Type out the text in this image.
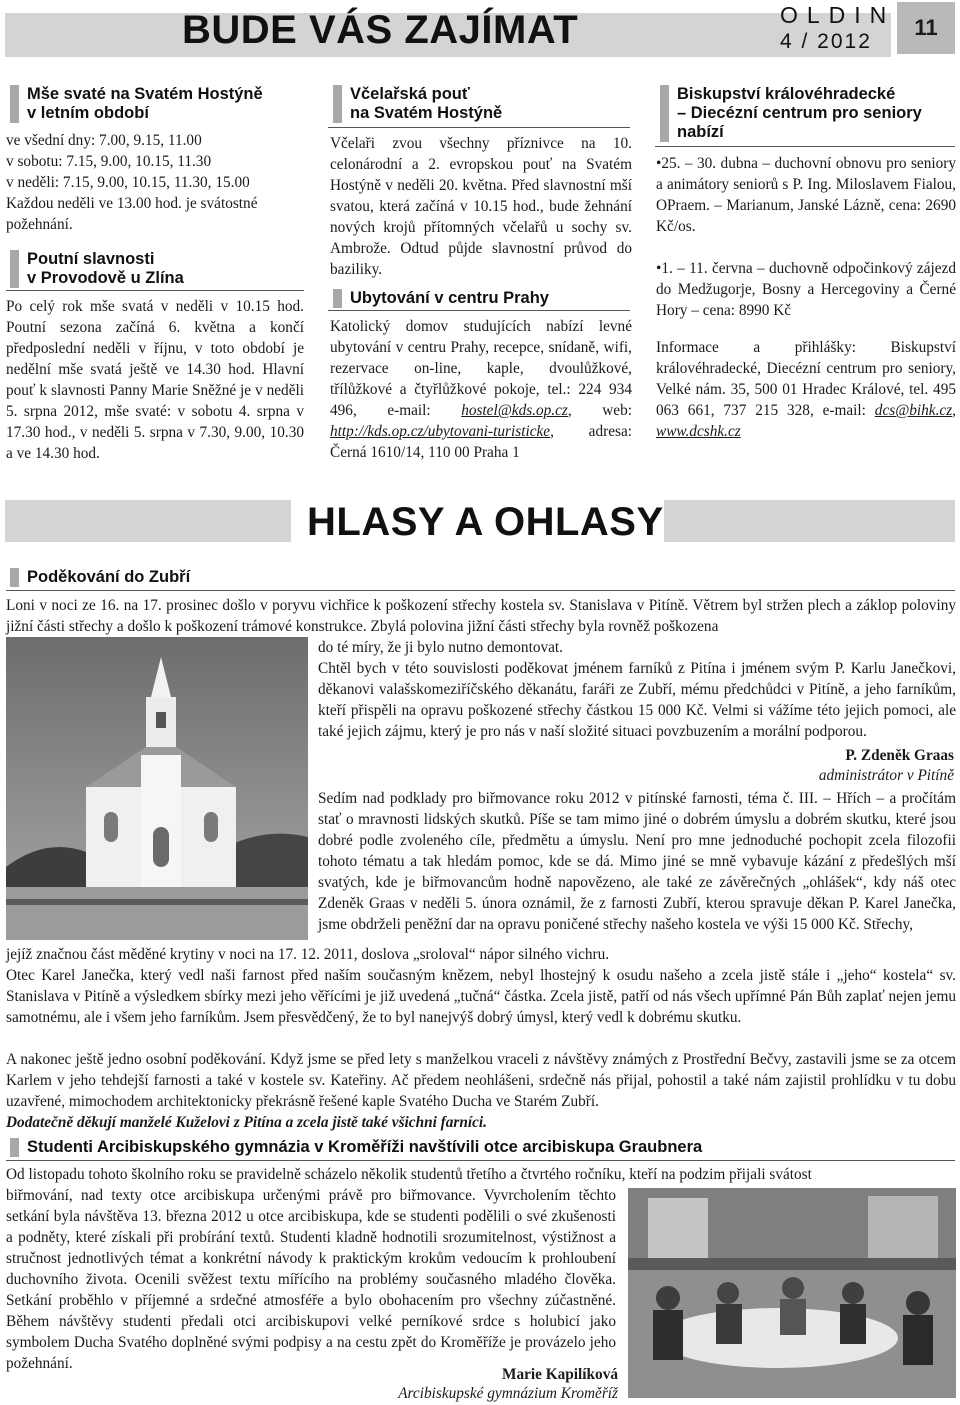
BUDE VÁS ZAJÍMAT	OLDIN
4 / 2012
11
Mše svaté na Svatém Hostýně
v letním období

ve všední dny: 7.00, 9.15, 11.00

v sobotu: 7.15, 9.00, 10.15, 11.30

v neděli: 7.15, 9.00, 10.15, 11.30, 15.00

Každou neděli ve 13.00 hod. je svátostné

požehnání.

Poutní slavnosti
v Provodově u Zlína
Po celý rok mše svatá v neděli v 10.15 hod. Poutní sezona začíná 6. května a končí předposlední neděli v říjnu, v toto období je nedělní mše svatá ještě ve 14.30 hod. Hlavní pouť k slavnosti Panny Marie Sněžné je v neděli 5. srpna 2012, mše svaté: v sobotu 4. srpna v 17.30 hod., v neděli 5. srpna v 7.30, 9.00, 10.30 a ve 14.30 hod.
Včelařská pouť
na Svatém Hostýně
Včelaři zvou všechny příznivce na 10. celonárodní a 2. evropskou pouť na Svatém Hostýně v neděli 20. května. Před slavnostní mší svatou, která začíná v 10.15 hod., bude žehnání nových krojů přítomných včelařů u sochy sv. Ambrože. Odtud půjde slavnostní průvod do baziliky.
Ubytování v centru Prahy
Katolický domov studujících nabízí levné ubytování v centru Prahy, recepce, snídaně, wifi, rezervace on-line, kaple, dvoulůžkové, třílůžkové a čtyřlůžkové pokoje, tel.: 224 934 496, e-mail: hostel@kds.op.cz, web: http://kds.op.cz/ubytovani-turisticke, adresa: Černá 1610/14, 110 00 Praha 1
Biskupství královéhradecké
– Diecézní centrum pro seniory
nabízí
•25. – 30. dubna – duchovní obnovu pro seniory a animátory seniorů s P. Ing. Miloslavem Fialou, OPraem. – Marianum, Janské Lázně, cena: 2690 Kč/os.
•1. – 11. června – duchovně odpočinkový zájezd do Medžugorje, Bosny a Hercegoviny a Černé Hory – cena: 8990 Kč
Informace a přihlášky: Biskupství královéhradecké, Diecézní centrum pro seniory, Velké nám. 35, 500 01 Hradec Králové, tel. 495 063 661, 737 215 328, e-mail: dcs@bihk.cz, www.dcshk.cz
HLASY A OHLASY
Poděkování do Zubří
Loni v noci ze 16. na 17. prosinec došlo v poryvu vichřice k poškození střechy kostela sv. Stanislava v Pitíně. Větrem byl stržen plech a záklop poloviny jižní části střechy a došlo k poškození trámové konstrukce. Zbylá polovina jižní části střechy byla rovněž poškozena
do té míry, že ji bylo nutno demontovat.
Chtěl bych v této souvislosti poděkovat jménem farníků z Pitína i jménem svým P. Karlu Janečkovi, děkanovi valašskomeziříčského děkanátu, faráři ze Zubří, mému předchůdci v Pitíně, a jeho farníkům, kteří přispěli na opravu poškozené střechy částkou 15 000 Kč. Velmi si vážíme této jejich pomoci, ale také jejich zájmu, který je pro nás v naší složité situaci povzbuzením a morální podporou.
P. Zdeněk Graas
administrátor v Pitíně
Sedím nad podklady pro biřmovance roku 2012 v pitínské farnosti, téma č. III. – Hřích – a pročítám stať o mravnosti lidských skutků. Píše se tam mimo jiné o dobrém úmyslu a dobrém skutku, které jsou dobré podle zvoleného cíle, předmětu a úmyslu. Není pro mne jednoduché pochopit zcela filozofii tohoto tématu a tak hledám pomoc, kde se dá. Mimo jiné se mně vybavuje kázání z předešlých mší svatých, kde je biřmovancům hodně napovězeno, ale také ze závěrečných „ohlášek“, kdy náš otec Zdeněk Graas v neděli 5. února oznámil, že z farnosti Zubří, kterou spravuje děkan P. Karel Janečka, jsme obdrželi peněžní dar na opravu poničené střechy našeho kostela ve výši 15 000 Kč. Střechy,
jejíž značnou část měděné krytiny v noci na 17. 12. 2011, doslova „sroloval“ nápor silného vichru.
Otec Karel Janečka, který vedl naši farnost před naším současným knězem, nebyl lhostejný k osudu našeho a zcela jistě stále i „jeho“ kostela“ sv. Stanislava v Pitíně a výsledkem sbírky mezi jeho věřícími je již uvedená „tučná“ částka. Zcela jistě, patří od nás všech upřímné Pán Bůh zaplať nejen jemu samotnému, ale i všem jeho farníkům. Jsem přesvědčený, že to byl nanejvýš dobrý úmysl, který vedl k dobrému skutku.
A nakonec ještě jedno osobní poděkování. Když jsme se před lety s manželkou vraceli z návštěvy známých z Prostřední Bečvy, zastavili jsme se za otcem Karlem v jeho tehdejší farnosti a také v kostele sv. Kateřiny. Ač předem neohlášeni, srdečně nás přijal, pohostil a také nám zajistil prohlídku v tu dobu uzavřené, mimochodem architektonicky překrásně řešené kaple Svatého Ducha ve Starém Zubří.
Dodatečně děkují manželé Kuželovi z Pitína a zcela jistě také všichni farníci.
Studenti Arcibiskupského gymnázia v Kroměříži navštívili otce arcibiskupa Graubnera
Od listopadu tohoto školního roku se pravidelně scházelo několik studentů třetího a čtvrtého ročníku, kteří na podzim přijali svátost
biřmování, nad texty otce arcibiskupa určenými právě pro biřmovance. Vyvrcholením těchto setkání byla návštěva 13. března 2012 u otce arcibiskupa, kde se studenti podělili o své zkušenosti a podněty, které získali při probírání textů. Studenti kladně hodnotili srozumitelnost, výstižnost a stručnost jednotlivých témat a konkrétní návody k praktickým krokům vedoucím k prohloubení duchovního života. Ocenili svěžest textu mířícího na problémy současného mladého člověka. Setkání proběhlo v příjemné a srdečné atmosféře a bylo obohacením pro všechny zúčastněné. Během návštěvy studenti předali otci arcibiskupovi velké perníkové srdce s holubicí jako symbolem Ducha Svatého doplněné svými podpisy a na cestu zpět do Kroměříže je provázelo jeho požehnání.
Marie Kapilíková
Arcibiskupské gymnázium Kroměříž
